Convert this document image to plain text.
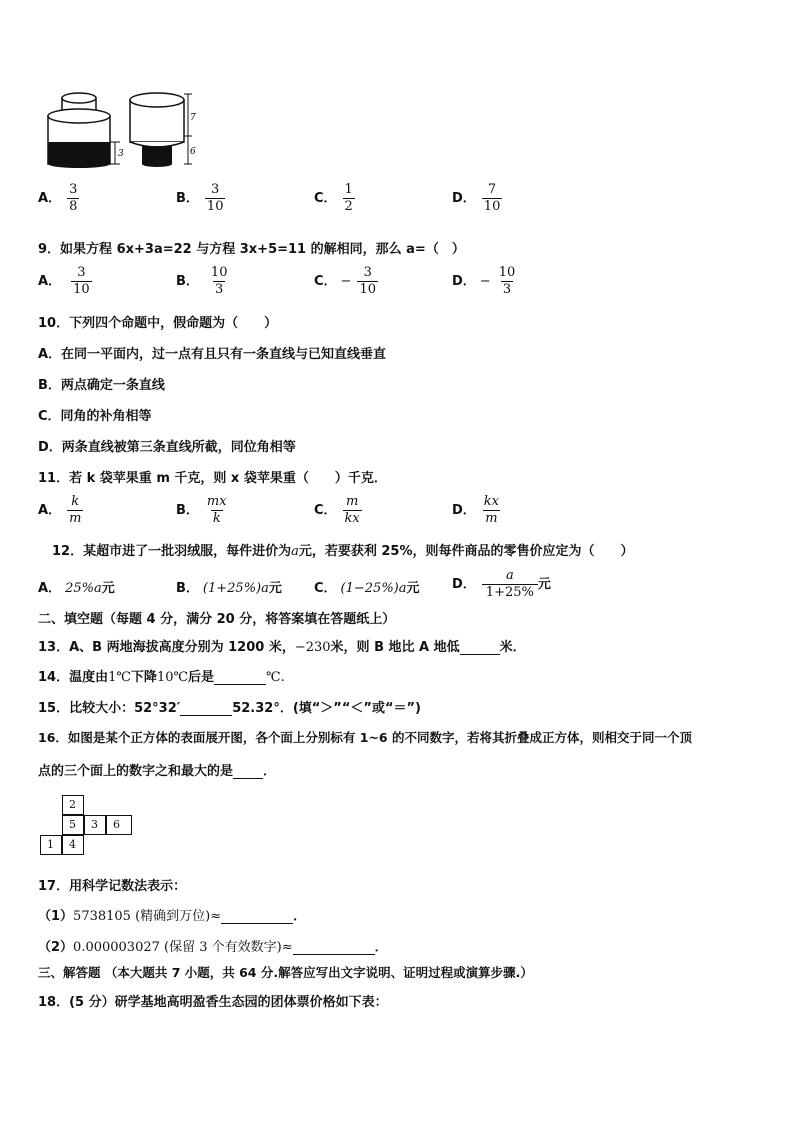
3
7
6
A． $\frac{3}{8}$	B． $\frac{3}{10}$	C． $\frac{1}{2}$	D． $\frac{7}{10}$
9．如果方程 6x+3a=22 与方程 3x+5=11 的解相同，那么 a=（　）
A． $\frac{3}{10}$	B． $\frac{10}{3}$	C． − $\frac{3}{10}$	D． − $\frac{10}{3}$
10．下列四个命题中，假命题为（　　）
A．在同一平面内，过一点有且只有一条直线与已知直线垂直
B．两点确定一条直线
C．同角的补角相等
D．两条直线被第三条直线所截，同位角相等
11．若 k 袋苹果重 m 千克，则 x 袋苹果重（　　）千克．
A． $\frac{k}{m}$	B． $\frac{mx}{k}$	C． $\frac{m}{kx}$	D． $\frac{kx}{m}$
12．某超市进了一批羽绒服，每件进价为a元，若要获利 25%，则每件商品的零售价应定为（　　）
A． 25%a元	B． (1+25%)a元 C． (1−25%)a元 D． $\frac{a}{1+25\%}$ 元
二、填空题（每题 4 分，满分 20 分，将答案填在答题纸上）
13．A、B 两地海拔高度分别为 1200 米，−230米，则 B 地比 A 地低	米．
14．温度由1℃下降10℃后是	℃.
15．比较大小：52°32′	52.32°．(填“＞”“＜”或“＝”)
16．如图是某个正方体的表面展开图，各个面上分别标有 1~6 的不同数字，若将其折叠成正方体，则相交于同一个顶
点的三个面上的数字之和最大的是 ．
2
5	3	6
1	4
17．用科学记数法表示：
（1）5738105 (精确到万位)≈	．
（2）0.000003027 (保留 3 个有效数字)≈	．
三、解答题 （本大题共 7 小题，共 64 分.解答应写出文字说明、证明过程或演算步骤.）
18．(5 分）研学基地高明盈香生态园的团体票价格如下表：
